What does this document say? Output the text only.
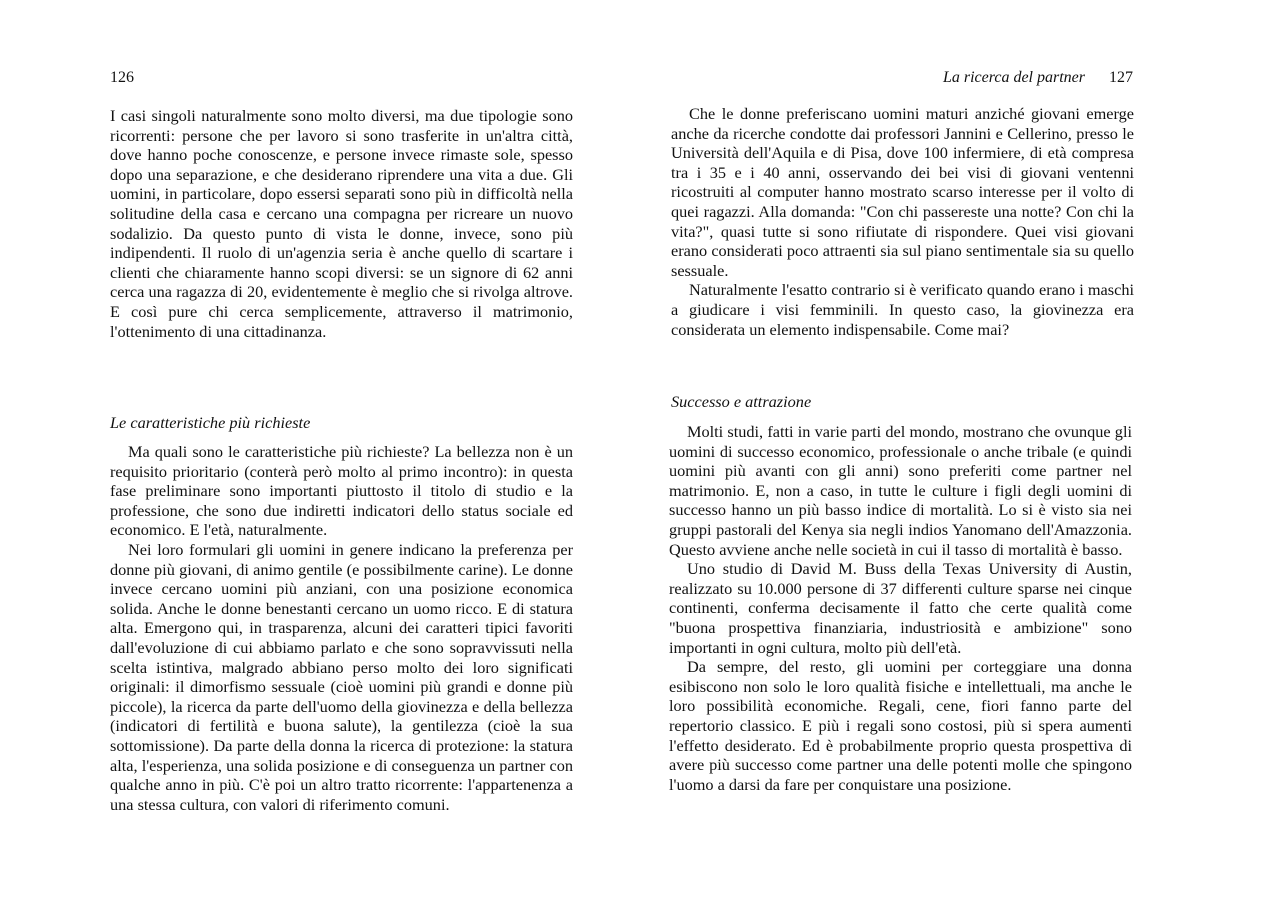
126

I casi singoli naturalmente sono molto diversi, ma due tipologie sono ricorrenti: persone che per lavoro si sono trasferite in un'altra città, dove hanno poche conoscenze, e persone invece rimaste sole, spesso dopo una separazione, e che desiderano riprendere una vita a due. Gli uomini, in particolare, dopo essersi separati sono più in difficoltà nella solitudine della casa e cercano una compagna per ricreare un nuovo sodalizio. Da questo punto di vista le donne, invece, sono più indipendenti. Il ruolo di un'agenzia seria è anche quello di scartare i clienti che chiaramente hanno scopi diversi: se un signore di 62 anni cerca una ragazza di 20, evidentemente è meglio che si rivolga altrove. E così pure chi cerca semplicemente, attraverso il matrimonio, l'ottenimento di una cittadinanza.

Le caratteristiche più richieste

Ma quali sono le caratteristiche più richieste? La bellezza non è un requisito prioritario (conterà però molto al primo incontro): in questa fase preliminare sono importanti piuttosto il titolo di studio e la professione, che sono due indiretti indicatori dello status sociale ed economico. E l'età, naturalmente.

Nei loro formulari gli uomini in genere indicano la preferenza per donne più giovani, di animo gentile (e possibilmente carine). Le donne invece cercano uomini più anziani, con una posizione economica solida. Anche le donne benestanti cercano un uomo ricco. E di statura alta. Emergono qui, in trasparenza, alcuni dei caratteri tipici favoriti dall'evoluzione di cui abbiamo parlato e che sono sopravvissuti nella scelta istintiva, malgrado abbiano perso molto dei loro significati originali: il dimorfismo sessuale (cioè uomini più grandi e donne più piccole), la ricerca da parte dell'uomo della giovinezza e della bellezza (indicatori di fertilità e buona salute), la gentilezza (cioè la sua sottomissione). Da parte della donna la ricerca di protezione: la statura alta, l'esperienza, una solida posizione e di conseguenza un partner con qualche anno in più. C'è poi un altro tratto ricorrente: l'appartenenza a una stessa cultura, con valori di riferimento comuni.

La ricerca del partner 127

Che le donne preferiscano uomini maturi anziché giovani emerge anche da ricerche condotte dai professori Jannini e Cellerino, presso le Università dell'Aquila e di Pisa, dove 100 infermiere, di età compresa tra i 35 e i 40 anni, osservando dei bei visi di giovani ventenni ricostruiti al computer hanno mostrato scarso interesse per il volto di quei ragazzi. Alla domanda: "Con chi passereste una notte? Con chi la vita?", quasi tutte si sono rifiutate di rispondere. Quei visi giovani erano considerati poco attraenti sia sul piano sentimentale sia su quello sessuale.

Naturalmente l'esatto contrario si è verificato quando erano i maschi a giudicare i visi femminili. In questo caso, la giovinezza era considerata un elemento indispensabile. Come mai?

Successo e attrazione

Molti studi, fatti in varie parti del mondo, mostrano che ovunque gli uomini di successo economico, professionale o anche tribale (e quindi uomini più avanti con gli anni) sono preferiti come partner nel matrimonio. E, non a caso, in tutte le culture i figli degli uomini di successo hanno un più basso indice di mortalità. Lo si è visto sia nei gruppi pastorali del Kenya sia negli indios Yanomano dell'Amazzonia. Questo avviene anche nelle società in cui il tasso di mortalità è basso.

Uno studio di David M. Buss della Texas University di Austin, realizzato su 10.000 persone di 37 differenti culture sparse nei cinque continenti, conferma decisamente il fatto che certe qualità come "buona prospettiva finanziaria, industriosità e ambizione" sono importanti in ogni cultura, molto più dell'età.

Da sempre, del resto, gli uomini per corteggiare una donna esibiscono non solo le loro qualità fisiche e intellettuali, ma anche le loro possibilità economiche. Regali, cene, fiori fanno parte del repertorio classico. E più i regali sono costosi, più si spera aumenti l'effetto desiderato. Ed è probabilmente proprio questa prospettiva di avere più successo come partner una delle potenti molle che spingono l'uomo a darsi da fare per conquistare una posizione.
